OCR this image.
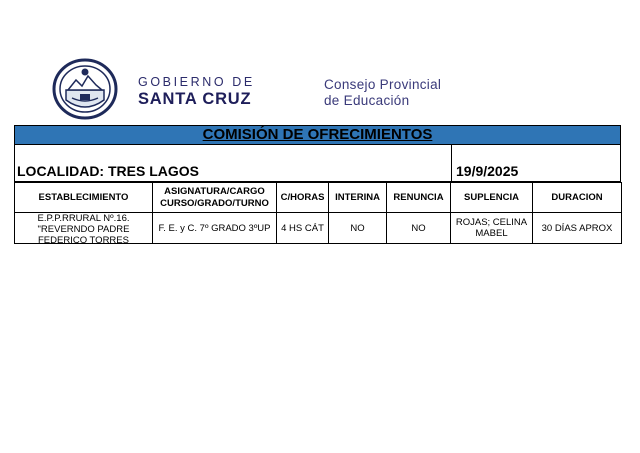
GOBIERNO DE
SANTA CRUZ
Consejo Provincial
de Educación
COMISIÓN DE OFRECIMIENTOS
LOCALIDAD: TRES LAGOS	19/9/2025
ESTABLECIMIENTO	ASIGNATURA/CARGO CURSO/GRADO/TURNO	C/HORAS	INTERINA	RENUNCIA	SUPLENCIA	DURACION

E.P.P.RRURAL Nº.16. "REVERNDO PADRE FEDERICO TORRES	F. E. y C. 7º GRADO 3ºUP	4 HS CÁT	NO	NO	ROJAS; CELINA MABEL	30 DÍAS APROX
